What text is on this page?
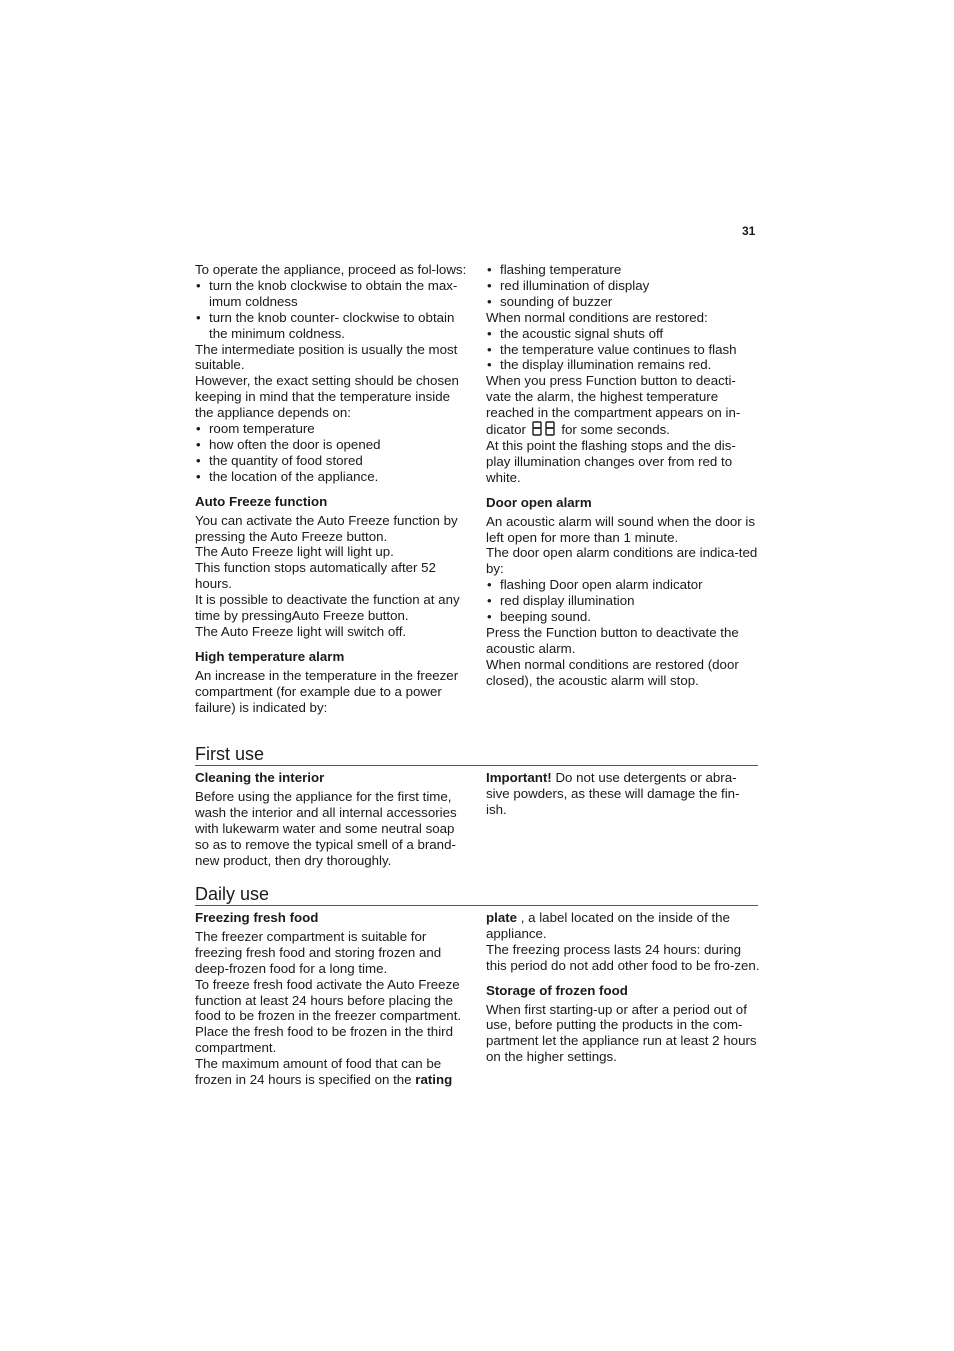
31

To operate the appliance, proceed as fol-lows:

• turn the knob clockwise to obtain the max-imum coldness
• turn the knob counter- clockwise to obtain the minimum coldness.

The intermediate position is usually the most suitable.

However, the exact setting should be chosen keeping in mind that the temperature inside the appliance depends on:

• room temperature
• how often the door is opened
• the quantity of food stored
• the location of the appliance.
Auto Freeze function

You can activate the Auto Freeze function by pressing the Auto Freeze button.

The Auto Freeze light will light up.

This function stops automatically after 52 hours.

It is possible to deactivate the function at any time by pressingAuto Freeze button.

The Auto Freeze light will switch off.

High temperature alarm

An increase in the temperature in the freezer compartment (for example due to a power failure) is indicated by:

• flashing temperature
• red illumination of display
• sounding of buzzer

When normal conditions are restored:

• the acoustic signal shuts off
• the temperature value continues to flash
• the display illumination remains red.

When you press Function button to deacti-vate the alarm, the highest temperature reached in the compartment appears on in-dicator	for some seconds.

At this point the flashing stops and the dis-play illumination changes over from red to white.

Door open alarm

An acoustic alarm will sound when the door is left open for more than 1 minute.

The door open alarm conditions are indica-ted by:

• flashing Door open alarm indicator
• red display illumination
• beeping sound.

Press the Function button to deactivate the acoustic alarm.

When normal conditions are restored (door closed), the acoustic alarm will stop.

First use
Cleaning the interior

Before using the appliance for the first time, wash the interior and all internal accessories with lukewarm water and some neutral soap so as to remove the typical smell of a brand-new product, then dry thoroughly.

Important! Do not use detergents or abra-sive powders, as these will damage the fin-ish.

Daily use
Freezing fresh food

The freezer compartment is suitable for freezing fresh food and storing frozen and deep-frozen food for a long time.

To freeze fresh food activate the Auto Freeze function at least 24 hours before placing the food to be frozen in the freezer compartment.

Place the fresh food to be frozen in the third compartment.

The maximum amount of food that can be frozen in 24 hours is specified on the rating

plate , a label located on the inside of the appliance.

The freezing process lasts 24 hours: during this period do not add other food to be fro-zen.

Storage of frozen food

When first starting-up or after a period out of use, before putting the products in the com-partment let the appliance run at least 2 hours on the higher settings.
